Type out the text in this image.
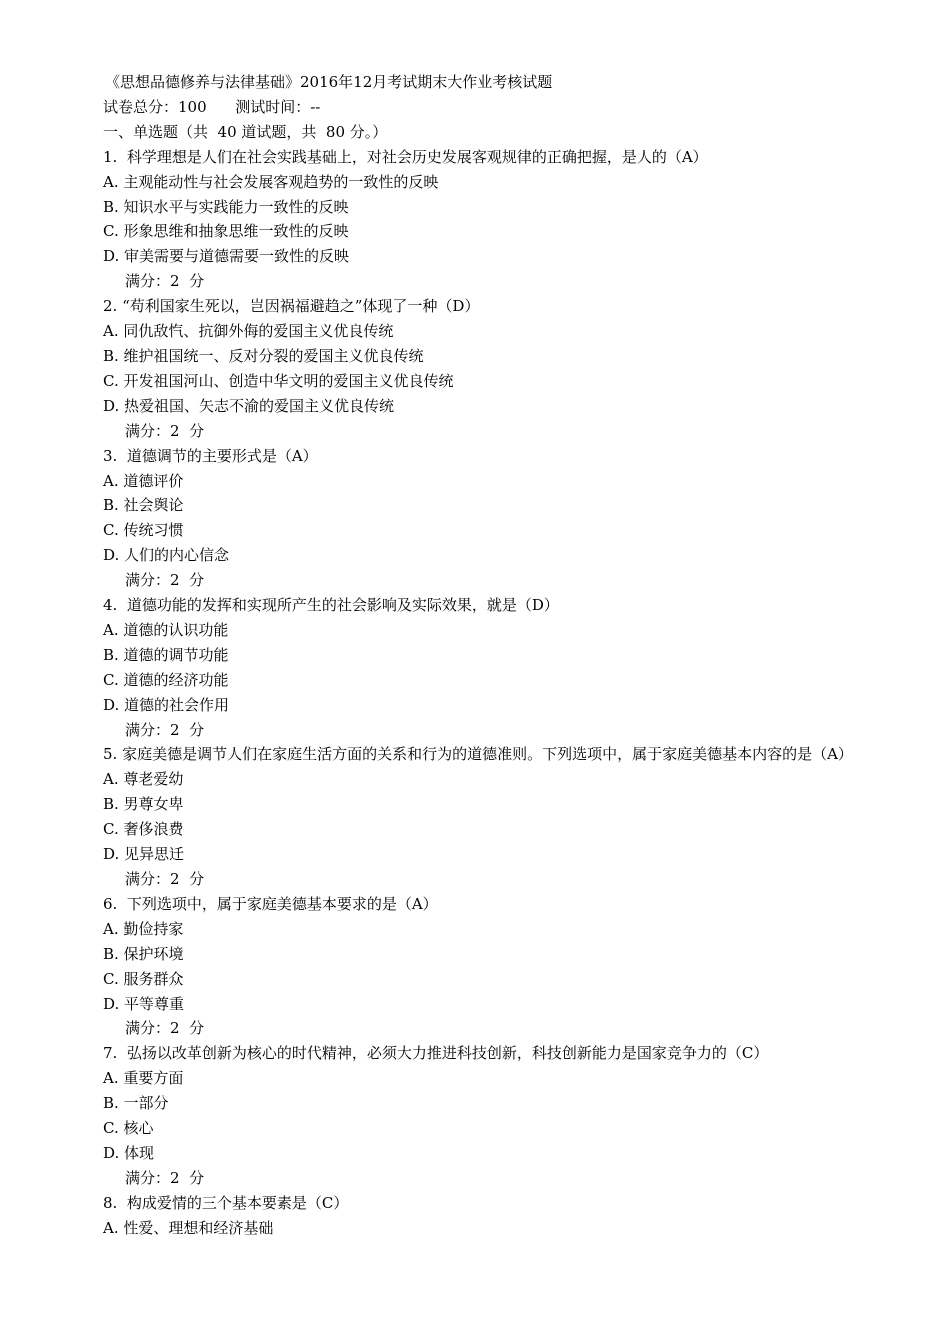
《思想品德修养与法律基础》2016年12月考试期末大作业考核试题
试卷总分：100      测试时间：--
一、单选题（共  40 道试题，共  80 分。）
1.  科学理想是人们在社会实践基础上，对社会历史发展客观规律的正确把握，是人的（A）
A. 主观能动性与社会发展客观趋势的一致性的反映
B. 知识水平与实践能力一致性的反映
C. 形象思维和抽象思维一致性的反映
D. 审美需要与道德需要一致性的反映
满分：2  分
2. “苟利国家生死以，岂因祸福避趋之”体现了一种（D）
A. 同仇敌忾、抗御外侮的爱国主义优良传统
B. 维护祖国统一、反对分裂的爱国主义优良传统
C. 开发祖国河山、创造中华文明的爱国主义优良传统
D. 热爱祖国、矢志不渝的爱国主义优良传统
满分：2  分
3.  道德调节的主要形式是（A）
A. 道德评价
B. 社会舆论
C. 传统习惯
D. 人们的内心信念
满分：2  分
4.  道德功能的发挥和实现所产生的社会影响及实际效果，就是（D）
A. 道德的认识功能
B. 道德的调节功能
C. 道德的经济功能
D. 道德的社会作用
满分：2  分
5. 家庭美德是调节人们在家庭生活方面的关系和行为的道德准则。下列选项中，属于家庭美德基本内容的是（A）
A. 尊老爱幼
B. 男尊女卑
C. 奢侈浪费
D. 见异思迁
满分：2  分
6.  下列选项中，属于家庭美德基本要求的是（A）
A. 勤俭持家
B. 保护环境
C. 服务群众
D. 平等尊重
满分：2  分
7.  弘扬以改革创新为核心的时代精神，必须大力推进科技创新，科技创新能力是国家竞争力的（C）
A. 重要方面
B. 一部分
C. 核心
D. 体现
满分：2  分
8.  构成爱情的三个基本要素是（C）
A. 性爱、理想和经济基础
